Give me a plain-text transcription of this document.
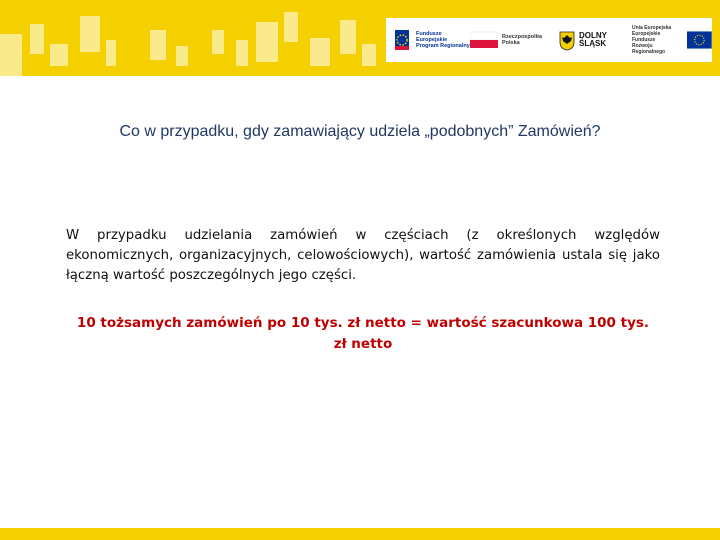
Fundusze
Europejskie
Program Regionalny
Rzeczpospolita
Polska
DOLNY
ŚLĄSK
Unia Europejska
Europejskie Fundusze
Rozwoju Regionalnego
Co w przypadku, gdy zamawiający udziela „podobnych” Zamówień?
W przypadku udzielania zamówień w częściach (z określonych względów ekonomicznych, organizacyjnych, celowościowych), wartość zamówienia ustala się jako łączną wartość poszczególnych jego części.
10 tożsamych zamówień po 10 tys. zł netto = wartość szacunkowa 100 tys. zł netto
